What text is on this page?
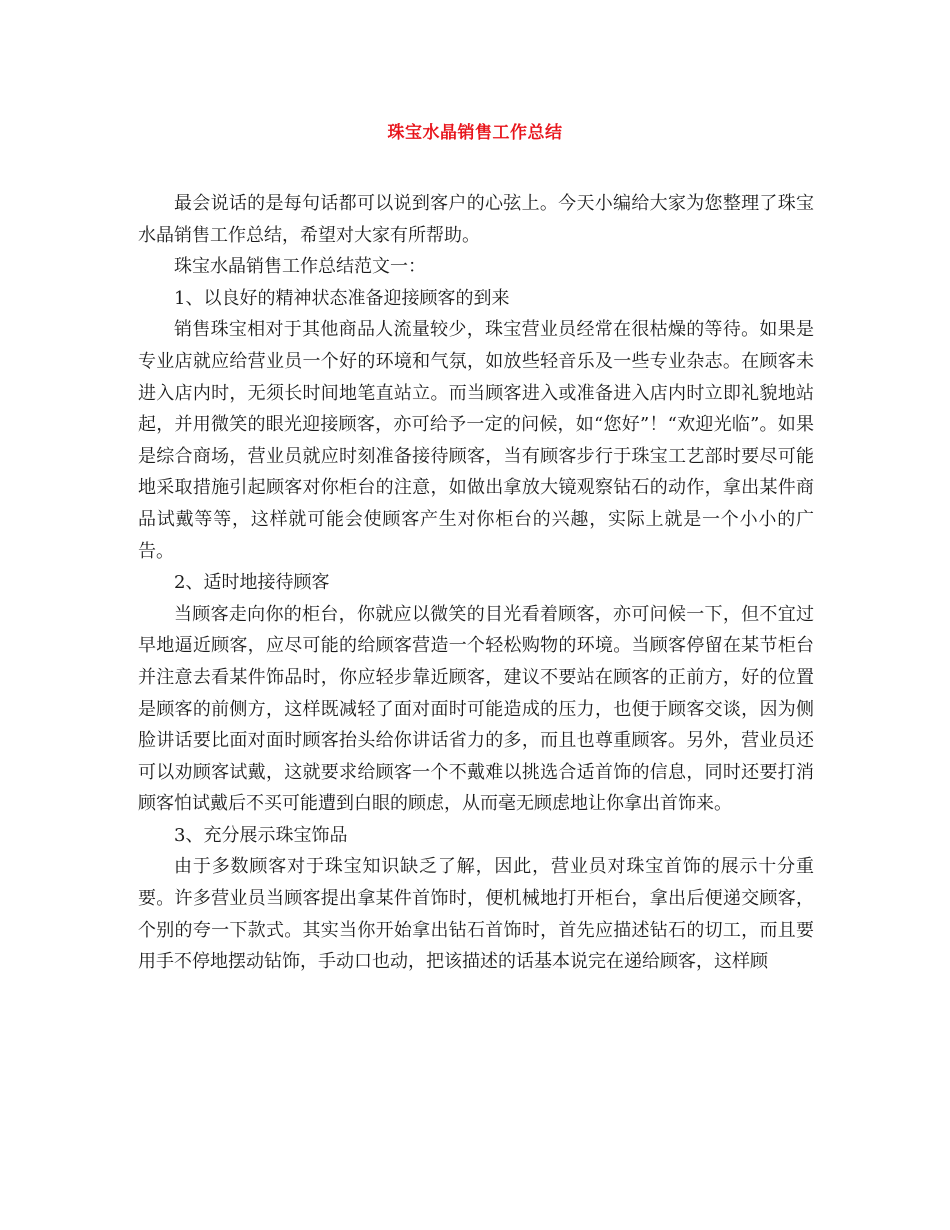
珠宝水晶销售工作总结

最会说话的是每句话都可以说到客户的心弦上。今天小编给大家为您整理了珠宝水晶销售工作总结，希望对大家有所帮助。

珠宝水晶销售工作总结范文一：

1、以良好的精神状态准备迎接顾客的到来

销售珠宝相对于其他商品人流量较少，珠宝营业员经常在很枯燥的等待。如果是专业店就应给营业员一个好的环境和气氛，如放些轻音乐及一些专业杂志。在顾客未进入店内时，无须长时间地笔直站立。而当顾客进入或准备进入店内时立即礼貌地站起，并用微笑的眼光迎接顾客，亦可给予一定的问候，如“您好”！“欢迎光临”。如果是综合商场，营业员就应时刻准备接待顾客，当有顾客步行于珠宝工艺部时要尽可能地采取措施引起顾客对你柜台的注意，如做出拿放大镜观察钻石的动作，拿出某件商品试戴等等，这样就可能会使顾客产生对你柜台的兴趣，实际上就是一个小小的广告。

2、适时地接待顾客

当顾客走向你的柜台，你就应以微笑的目光看着顾客，亦可问候一下，但不宜过早地逼近顾客，应尽可能的给顾客营造一个轻松购物的环境。当顾客停留在某节柜台并注意去看某件饰品时，你应轻步靠近顾客，建议不要站在顾客的正前方，好的位置是顾客的前侧方，这样既减轻了面对面时可能造成的压力，也便于顾客交谈，因为侧脸讲话要比面对面时顾客抬头给你讲话省力的多，而且也尊重顾客。另外，营业员还可以劝顾客试戴，这就要求给顾客一个不戴难以挑选合适首饰的信息，同时还要打消顾客怕试戴后不买可能遭到白眼的顾虑，从而毫无顾虑地让你拿出首饰来。

3、充分展示珠宝饰品

由于多数顾客对于珠宝知识缺乏了解，因此，营业员对珠宝首饰的展示十分重要。许多营业员当顾客提出拿某件首饰时，便机械地打开柜台，拿出后便递交顾客，个别的夸一下款式。其实当你开始拿出钻石首饰时，首先应描述钻石的切工，而且要用手不停地摆动钻饰，手动口也动，把该描述的话基本说完在递给顾客，这样顾
